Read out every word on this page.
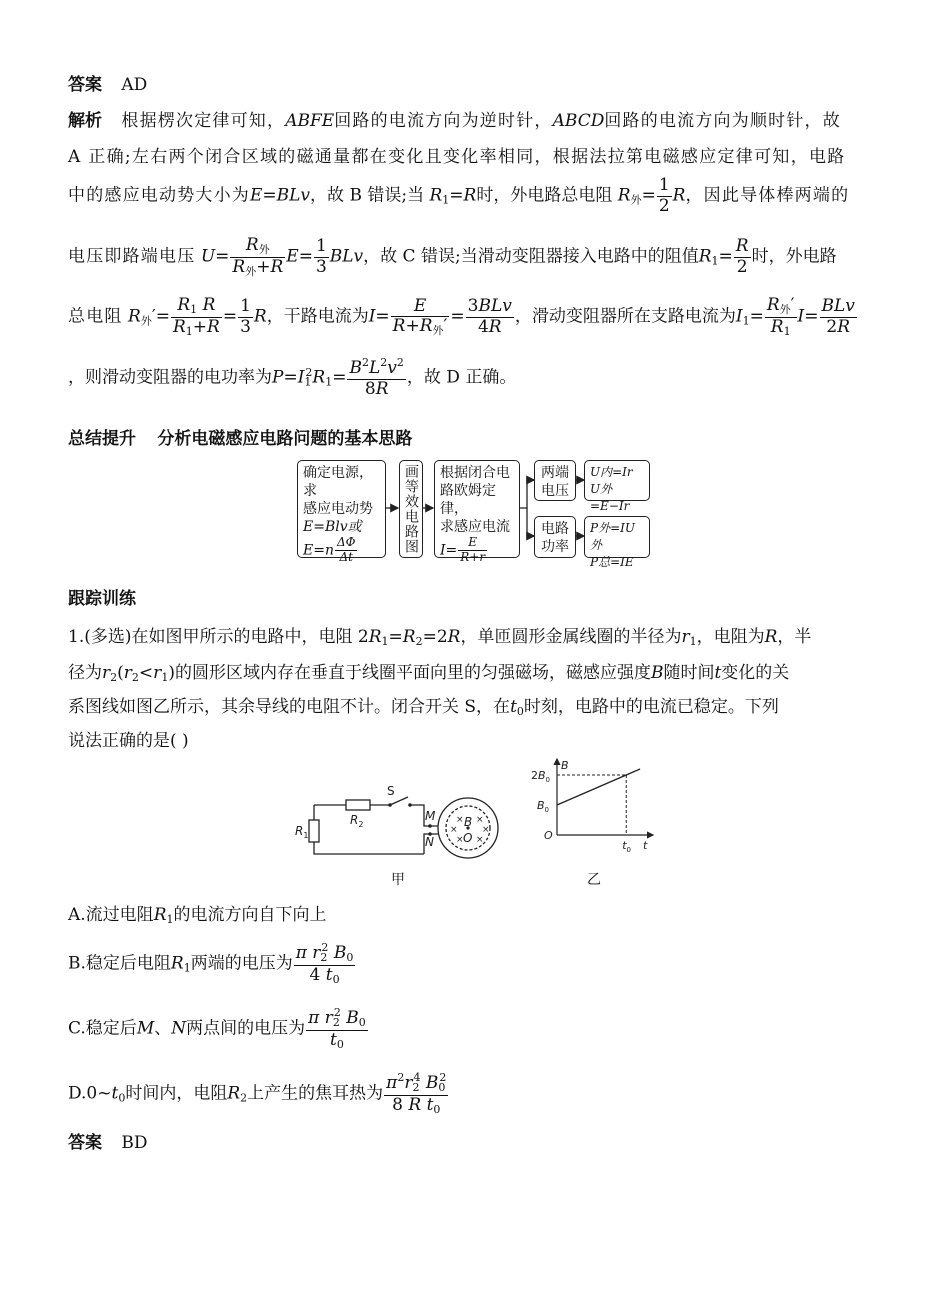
答案 AD
解析 根据楞次定律可知，ABFE回路的电流方向为逆时针，ABCD回路的电流方向为顺时针，故
A 正确;左右两个闭合区域的磁通量都在变化且变化率相同，根据法拉第电磁感应定律可知，电路
中的感应电动势大小为E=BLv，故 B 错误;当 $R_1=R$时，外电路总电阻 $R_外= \frac{1}{2}$ R，因此导体棒两端的
电压即路端电压 $U= \frac{R_外}{R_外+R} E= \frac{1}{3}$ BLv，故 C 错误;当滑动变阻器接入电路中的阻值$R_1= \frac{R}{2}$ 时，外电路
总电阻 $R_外'= \frac{R_1 R}{R_1+R} = \frac{1}{3}$ R，干路电流为$I= \frac{E}{R+R_外'} = \frac{\text{3BLv}}{4R}$ ，滑动变阻器所在支路电流为$I_1= \frac{R_外'}{R_1} I= \frac{\text{BLv}}{2R}$
，则滑动变阻器的电功率为$P=I_1^2R_1= \frac{B^2L^2v^2}{8R}$ ，故 D 正确。
总结提升 分析电磁感应电路问题的基本思路
确定电源，求
感应电动势
E=Blv或
$E=n \frac{\Delta\Phi}{\Delta t}$	画等效电路图 根据闭合电
路欧姆定律，
求感应电流
$I= \frac{E}{R+r}$
两端
电压
U内=Ir
U外=E−Ir
电路
功率
P外=IU外
P总=IE
跟踪训练
1.(多选)在如图甲所示的电路中，电阻 $2R_1=R_2=2R$，单匝圆形金属线圈的半径为$r_1$，电阻为R，半
径为$r_2(r_2<r_1)$的圆形区域内存在垂直于线圈平面向里的匀强磁场，磁感应强度B随时间t变化的关
系图线如图乙所示，其余导线的电阻不计。闭合开关 S，在$t_0$时刻，电路中的电流已稳定。下列
说法正确的是( )
× ×
×	×
× ×
S
$R_2$
$R_1$
M
N
B
O
甲
B
t
O
$2B_0$
$B_0$
$t_0$
乙
A.流过电阻$R_1$的电流方向自下向上
B.稳定后电阻$R_1$两端的电压为 $\frac{\pi r_2^2 B_0}{4 t_0}$
C.稳定后M、N两点间的电压为 $\frac{\pi r_2^2 B_0}{t_0}$
$D.0\sim t_0$时间内，电阻$R_2$上产生的焦耳热为 $\frac{\pi^2r_2^4 B_0^2}{8 R t_0}$
答案 BD
